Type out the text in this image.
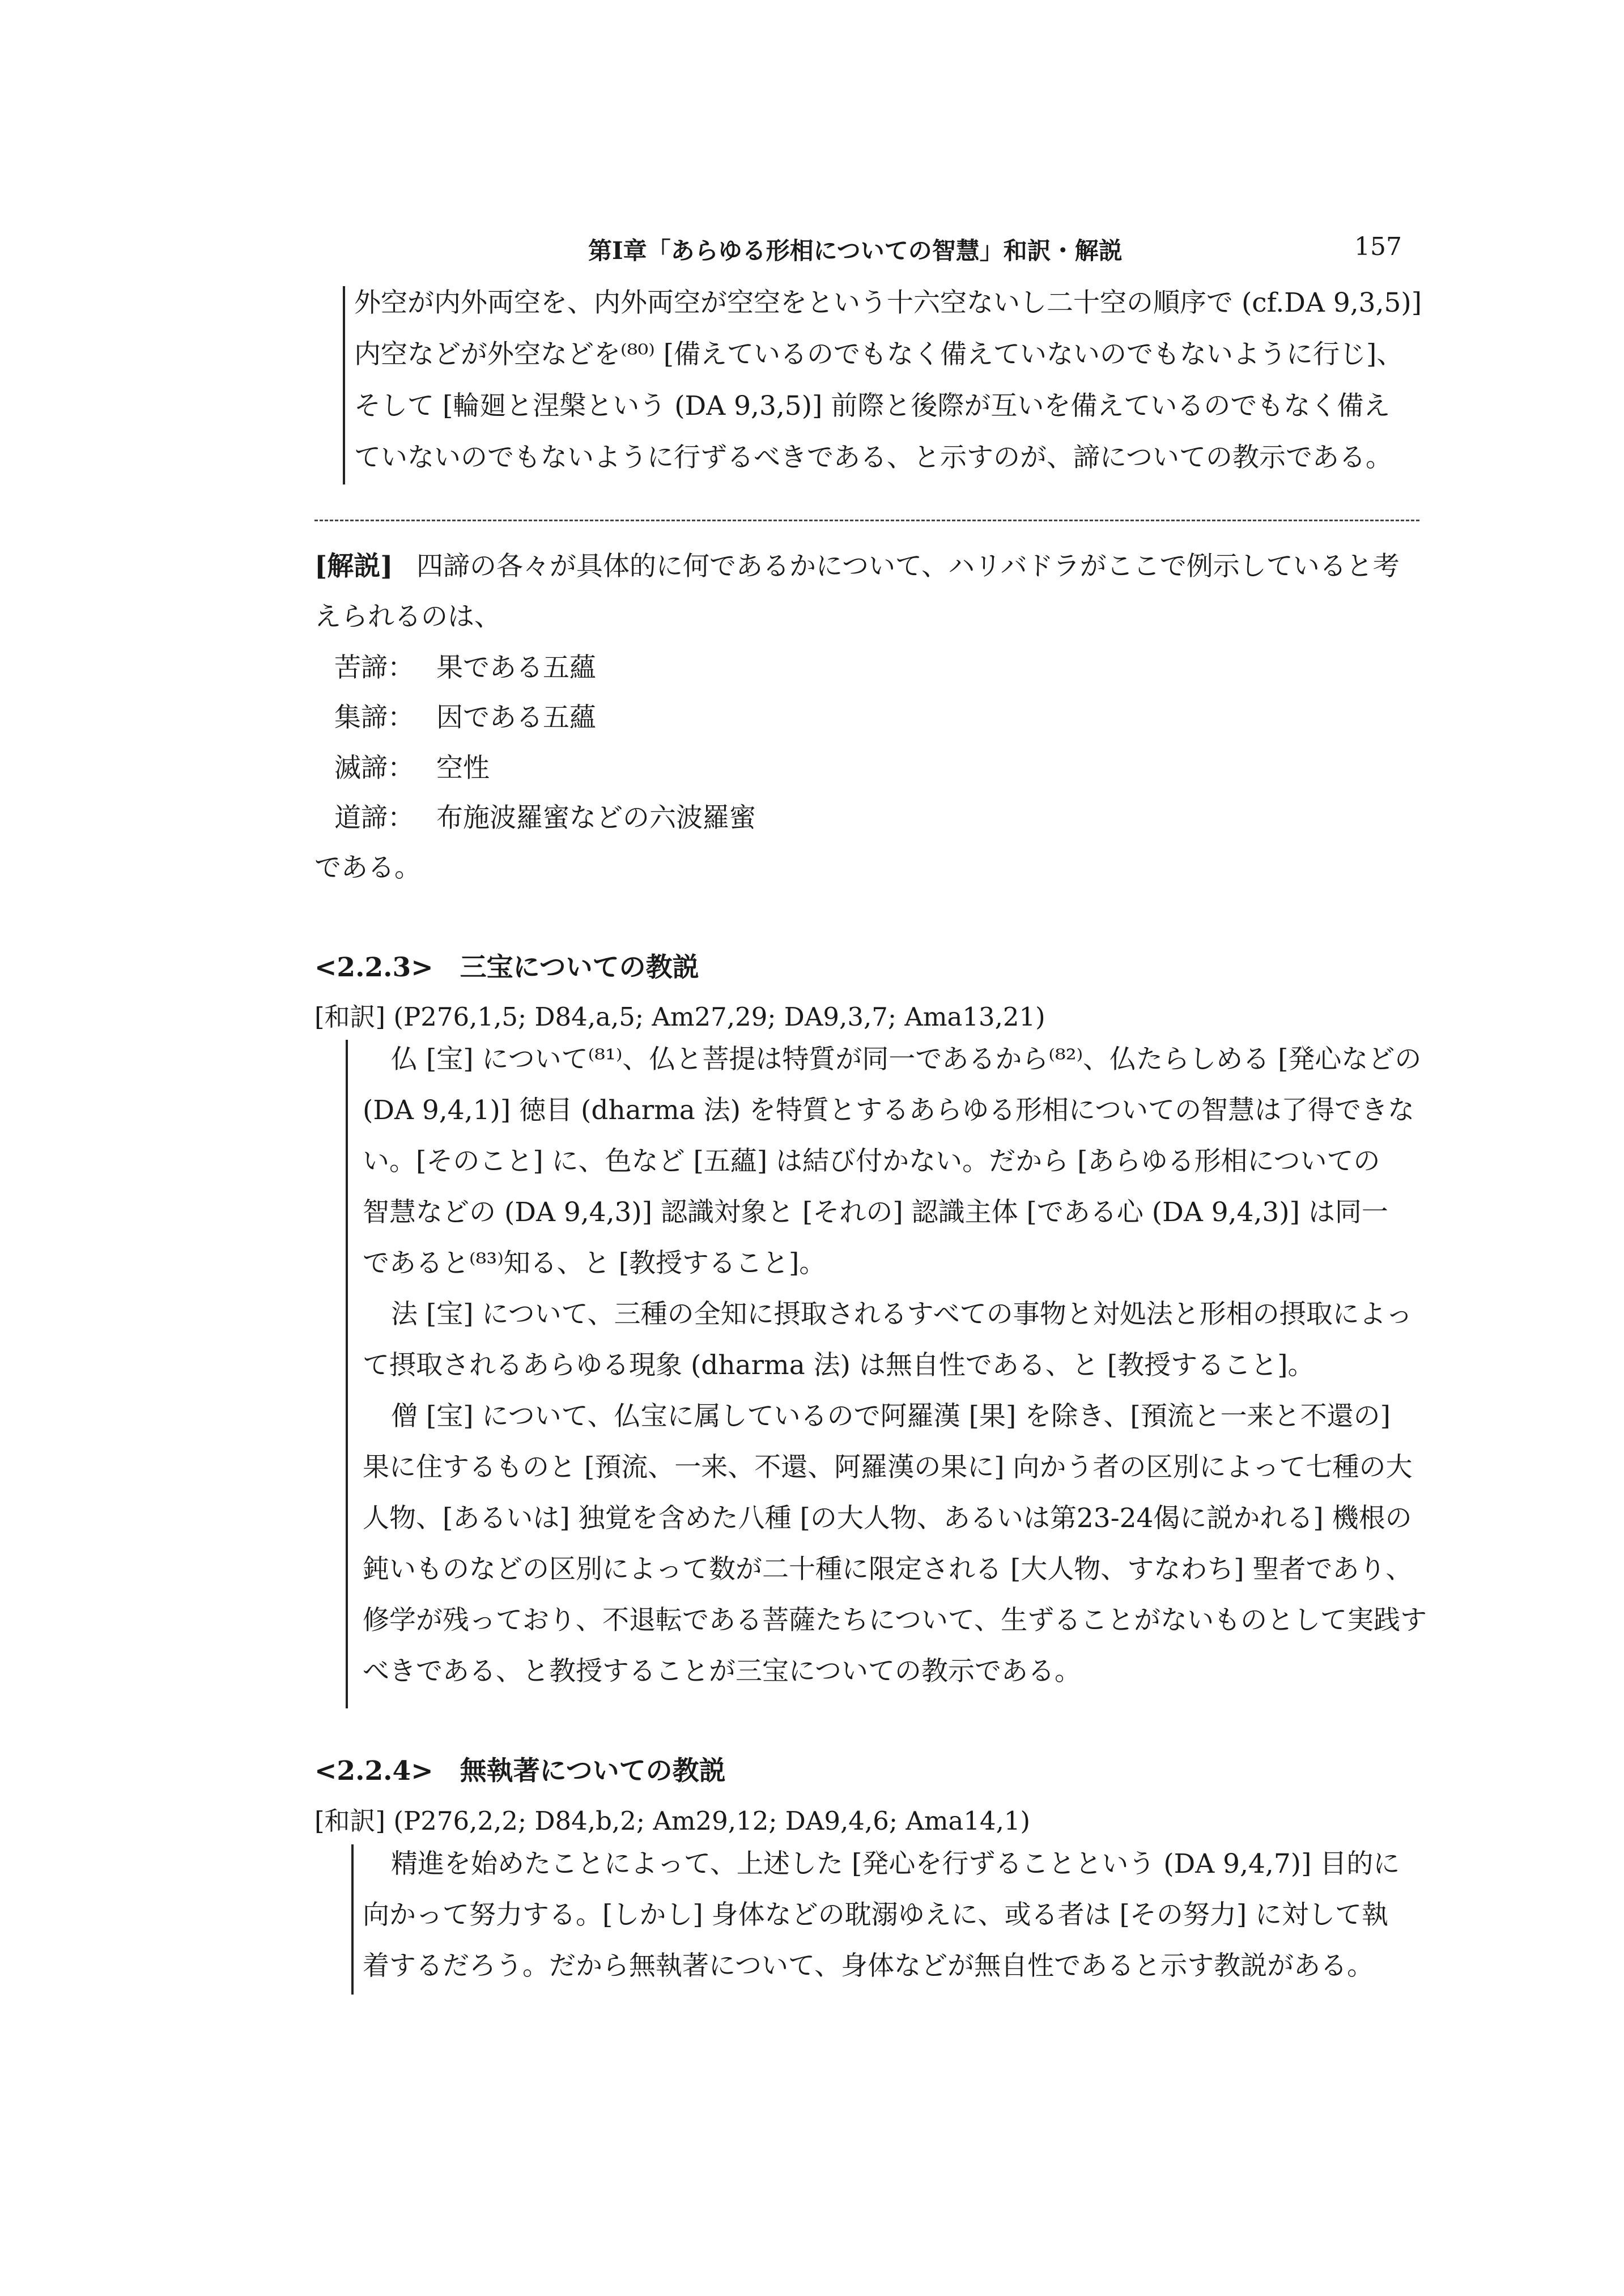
第Ⅰ章「あらゆる形相についての智慧」和訳・解説	157
外空が内外両空を、内外両空が空空をという十六空ないし二十空の順序で (cf.DA 9,3,5)]
内空などが外空などを⁽⁸⁰⁾ [備えているのでもなく備えていないのでもないように行じ]、
そして [輪廻と涅槃という (DA 9,3,5)] 前際と後際が互いを備えているのでもなく備え
ていないのでもないように行ずるべきである、と示すのが、諦についての教示である。
[解説] 四諦の各々が具体的に何であるかについて、ハリバドラがここで例示していると考
えられるのは、
苦諦： 果である五蘊
集諦： 因である五蘊
滅諦： 空性
道諦： 布施波羅蜜などの六波羅蜜
である。
<2.2.3>　三宝についての教説
[和訳] (P276,1,5; D84,a,5; Am27,29; DA9,3,7; Ama13,21)
仏 [宝] について⁽⁸¹⁾、仏と菩提は特質が同一であるから⁽⁸²⁾、仏たらしめる [発心などの
(DA 9,4,1)] 徳目 (dharma 法) を特質とするあらゆる形相についての智慧は了得できな
い。[そのこと] に、色など [五蘊] は結び付かない。だから [あらゆる形相についての
智慧などの (DA 9,4,3)] 認識対象と [それの] 認識主体 [である心 (DA 9,4,3)] は同一
であると⁽⁸³⁾知る、と [教授すること]。
法 [宝] について、三種の全知に摂取されるすべての事物と対処法と形相の摂取によっ
て摂取されるあらゆる現象 (dharma 法) は無自性である、と [教授すること]。
僧 [宝] について、仏宝に属しているので阿羅漢 [果] を除き、[預流と一来と不還の]
果に住するものと [預流、一来、不還、阿羅漢の果に] 向かう者の区別によって七種の大
人物、[あるいは] 独覚を含めた八種 [の大人物、あるいは第23-24偈に説かれる] 機根の
鈍いものなどの区別によって数が二十種に限定される [大人物、すなわち] 聖者であり、
修学が残っており、不退転である菩薩たちについて、生ずることがないものとして実践す
べきである、と教授することが三宝についての教示である。
<2.2.4>　無執著についての教説
[和訳] (P276,2,2; D84,b,2; Am29,12; DA9,4,6; Ama14,1)
精進を始めたことによって、上述した [発心を行ずることという (DA 9,4,7)] 目的に
向かって努力する。[しかし] 身体などの耽溺ゆえに、或る者は [その努力] に対して執
着するだろう。だから無執著について、身体などが無自性であると示す教説がある。
